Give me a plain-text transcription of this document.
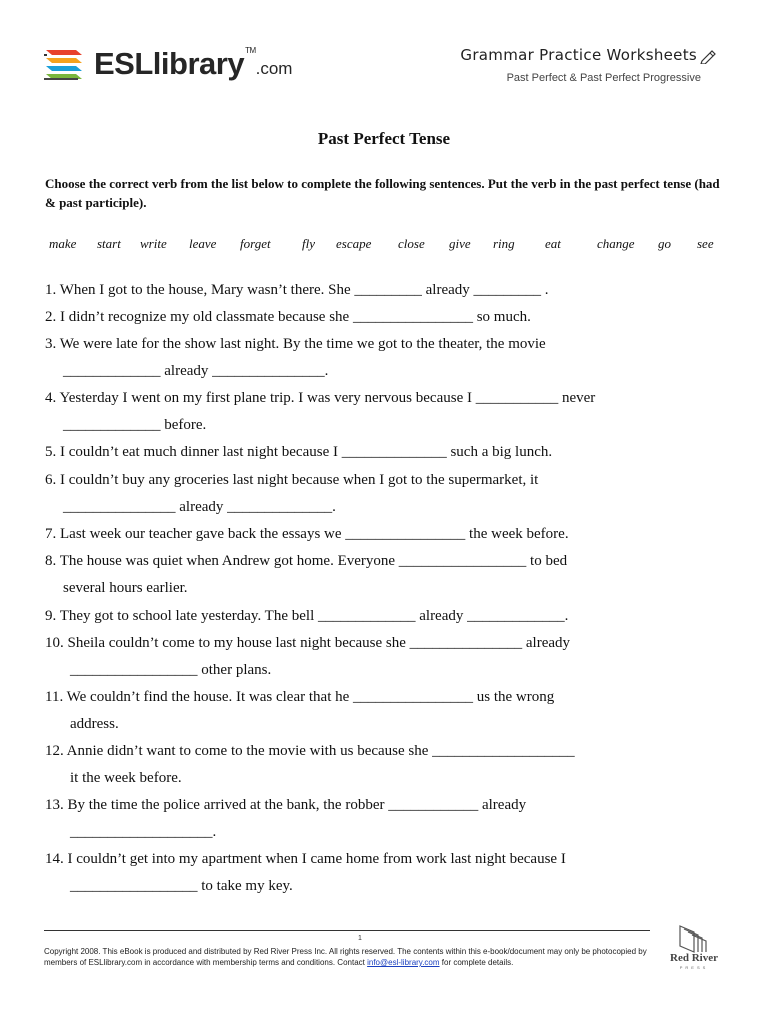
ESLlibrary™.com
Grammar Practice Worksheets
Past Perfect & Past Perfect Progressive
Past Perfect Tense
Choose the correct verb from the list below to complete the following sentences. Put the verb in the past perfect tense (had & past participle).
make start write leave forget fly escape close give ring eat	change go see
1. When I got to the house, Mary wasn’t there. She _________ already _________ .
2. I didn’t recognize my old classmate because she ________________ so much.
3. We were late for the show last night. By the time we got to the theater, the movie
_____________ already _______________.
4. Yesterday I went on my first plane trip. I was very nervous because I ___________ never
_____________ before.
5. I couldn’t eat much dinner last night because I ______________ such a big lunch.
6. I couldn’t buy any groceries last night because when I got to the supermarket, it
_______________ already ______________.
7. Last week our teacher gave back the essays we ________________ the week before.
8. The house was quiet when Andrew got home. Everyone _________________ to bed
several hours earlier.
9. They got to school late yesterday. The bell _____________ already _____________.
10. Sheila couldn’t come to my house last night because she _______________ already
_________________ other plans.
11. We couldn’t find the house. It was clear that he ________________ us the wrong
address.
12. Annie didn’t want to come to the movie with us because she ___________________
it the week before.
13. By the time the police arrived at the bank, the robber ____________ already
___________________.
14. I couldn’t get into my apartment when I came home from work last night because I
_________________ to take my key.
1
Copyright 2008. This eBook is produced and distributed by Red River Press Inc. All rights reserved. The contents within this e-book/document may only be photocopied by members of ESLlibrary.com in accordance with membership terms and conditions. Contact info@esl-library.com for complete details.	Red River
PRESS
